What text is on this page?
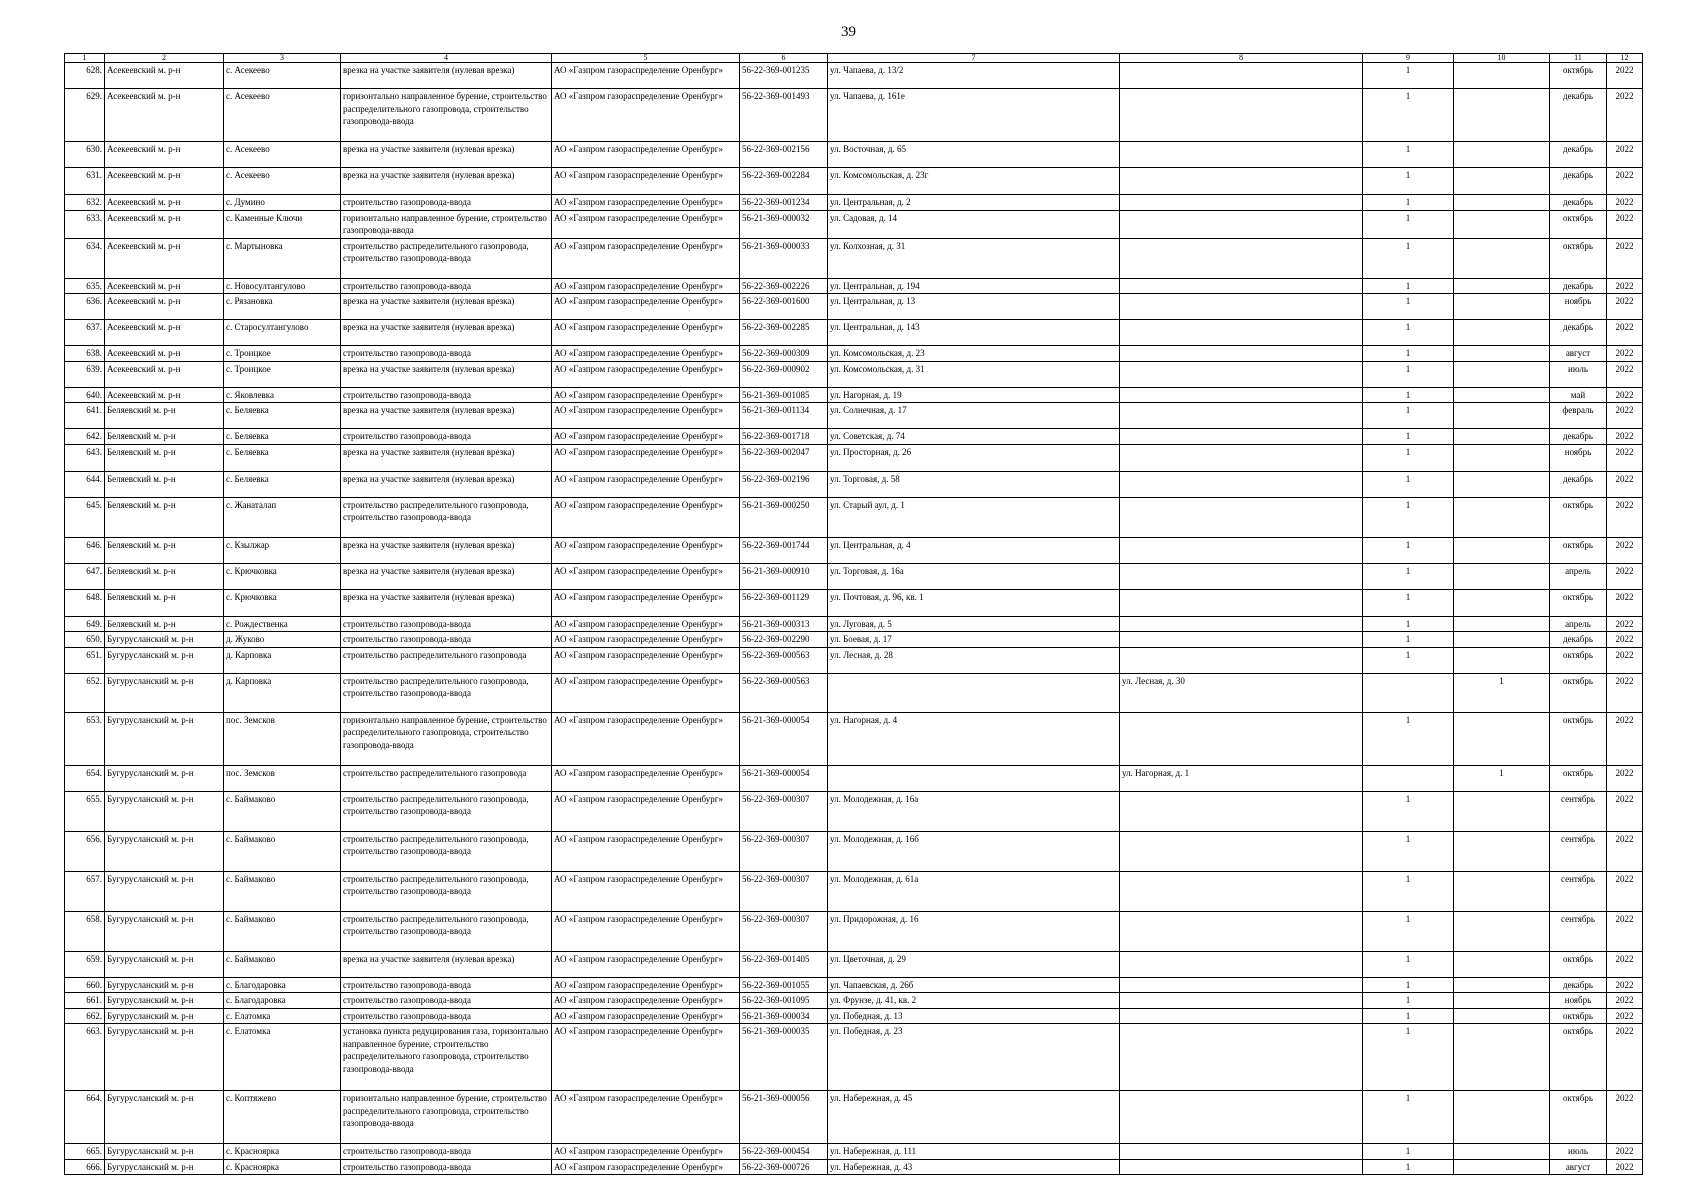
39
1	2	3	4	5	6	7	8	9	10	11	12
628.	Асекеевский м. р-н	с. Асекеево	врезка на участке заявителя (нулевая врезка)	АО «Газпром газораспределение Оренбург»	56-22-369-001235	ул. Чапаева, д. 13/2		1		октябрь	2022
629.	Асекеевский м. р-н	с. Асекеево	горизонтально направленное бурение, строительство распределительного газопровода, строительство газопровода-ввода	АО «Газпром газораспределение Оренбург»	56-22-369-001493	ул. Чапаева, д. 161е		1		декабрь	2022
630.	Асекеевский м. р-н	с. Асекеево	врезка на участке заявителя (нулевая врезка)	АО «Газпром газораспределение Оренбург»	56-22-369-002156	ул. Восточная, д. 65		1		декабрь	2022
631.	Асекеевский м. р-н	с. Асекеево	врезка на участке заявителя (нулевая врезка)	АО «Газпром газораспределение Оренбург»	56-22-369-002284	ул. Комсомольская, д. 23г		1		декабрь	2022
632.	Асекеевский м. р-н	с. Думино	строительство газопровода-ввода	АО «Газпром газораспределение Оренбург»	56-22-369-001234	ул. Центральная, д. 2		1		декабрь	2022
633.	Асекеевский м. р-н	с. Каменные Ключи	горизонтально направленное бурение, строительство газопровода-ввода	АО «Газпром газораспределение Оренбург»	56-21-369-000032	ул. Садовая, д. 14		1		октябрь	2022
634.	Асекеевский м. р-н	с. Мартыновка	строительство распределительного газопровода, строительство газопровода-ввода	АО «Газпром газораспределение Оренбург»	56-21-369-000033	ул. Колхозная, д. 31		1		октябрь	2022
635.	Асекеевский м. р-н	с. Новосултангулово	строительство газопровода-ввода	АО «Газпром газораспределение Оренбург»	56-22-369-002226	ул. Центральная, д. 194		1		декабрь	2022
636.	Асекеевский м. р-н	с. Рязановка	врезка на участке заявителя (нулевая врезка)	АО «Газпром газораспределение Оренбург»	56-22-369-001600	ул. Центральная, д. 13		1		ноябрь	2022
637.	Асекеевский м. р-н	с. Старосултангулово	врезка на участке заявителя (нулевая врезка)	АО «Газпром газораспределение Оренбург»	56-22-369-002285	ул. Центральная, д. 143		1		декабрь	2022
638.	Асекеевский м. р-н	с. Троицкое	строительство газопровода-ввода	АО «Газпром газораспределение Оренбург»	56-22-369-000309	ул. Комсомольская, д. 23		1		август	2022
639.	Асекеевский м. р-н	с. Троицкое	врезка на участке заявителя (нулевая врезка)	АО «Газпром газораспределение Оренбург»	56-22-369-000902	ул. Комсомольская, д. 31		1		июль	2022
640.	Асекеевский м. р-н	с. Яковлевка	строительство газопровода-ввода	АО «Газпром газораспределение Оренбург»	56-21-369-001085	ул. Нагорная, д. 19		1		май	2022
641.	Беляевский м. р-н	с. Беляевка	врезка на участке заявителя (нулевая врезка)	АО «Газпром газораспределение Оренбург»	56-21-369-001134	ул. Солнечная, д. 17		1		февраль	2022
642.	Беляевский м. р-н	с. Беляевка	строительство газопровода-ввода	АО «Газпром газораспределение Оренбург»	56-22-369-001718	ул. Советская, д. 74		1		декабрь	2022
643.	Беляевский м. р-н	с. Беляевка	врезка на участке заявителя (нулевая врезка)	АО «Газпром газораспределение Оренбург»	56-22-369-002047	ул. Просторная, д. 26		1		ноябрь	2022
644.	Беляевский м. р-н	с. Беляевка	врезка на участке заявителя (нулевая врезка)	АО «Газпром газораспределение Оренбург»	56-22-369-002196	ул. Торговая, д. 58		1		декабрь	2022
645.	Беляевский м. р-н	с. Жанаталап	строительство распределительного газопровода, строительство газопровода-ввода	АО «Газпром газораспределение Оренбург»	56-21-369-000250	ул. Старый аул, д. 1		1		октябрь	2022
646.	Беляевский м. р-н	с. Кзылжар	врезка на участке заявителя (нулевая врезка)	АО «Газпром газораспределение Оренбург»	56-22-369-001744	ул. Центральная, д. 4		1		октябрь	2022
647.	Беляевский м. р-н	с. Крючковка	врезка на участке заявителя (нулевая врезка)	АО «Газпром газораспределение Оренбург»	56-21-369-000910	ул. Торговая, д. 16а		1		апрель	2022
648.	Беляевский м. р-н	с. Крючковка	врезка на участке заявителя (нулевая врезка)	АО «Газпром газораспределение Оренбург»	56-22-369-001129	ул. Почтовая, д. 96, кв. 1		1		октябрь	2022
649.	Беляевский м. р-н	с. Рождественка	строительство газопровода-ввода	АО «Газпром газораспределение Оренбург»	56-21-369-000313	ул. Луговая, д. 5		1		апрель	2022
650.	Бугурусланский м. р-н	д. Жуково	строительство газопровода-ввода	АО «Газпром газораспределение Оренбург»	56-22-369-002290	ул. Боевая, д. 17		1		декабрь	2022
651.	Бугурусланский м. р-н	д. Карповка	строительство распределительного газопровода	АО «Газпром газораспределение Оренбург»	56-22-369-000563	ул. Лесная, д. 28		1		октябрь	2022
652.	Бугурусланский м. р-н	д. Карповка	строительство распределительного газопровода, строительство газопровода-ввода	АО «Газпром газораспределение Оренбург»	56-22-369-000563		ул. Лесная, д. 30		1	октябрь	2022
653.	Бугурусланский м. р-н	пос. Земсков	горизонтально направленное бурение, строительство распределительного газопровода, строительство газопровода-ввода	АО «Газпром газораспределение Оренбург»	56-21-369-000054	ул. Нагорная, д. 4		1		октябрь	2022
654.	Бугурусланский м. р-н	пос. Земсков	строительство распределительного газопровода	АО «Газпром газораспределение Оренбург»	56-21-369-000054		ул. Нагорная, д. 1		1	октябрь	2022
655.	Бугурусланский м. р-н	с. Баймаково	строительство распределительного газопровода, строительство газопровода-ввода	АО «Газпром газораспределение Оренбург»	56-22-369-000307	ул. Молодежная, д. 16а		1		сентябрь	2022
656.	Бугурусланский м. р-н	с. Баймаково	строительство распределительного газопровода, строительство газопровода-ввода	АО «Газпром газораспределение Оренбург»	56-22-369-000307	ул. Молодежная, д. 16б		1		сентябрь	2022
657.	Бугурусланский м. р-н	с. Баймаково	строительство распределительного газопровода, строительство газопровода-ввода	АО «Газпром газораспределение Оренбург»	56-22-369-000307	ул. Молодежная, д. 61а		1		сентябрь	2022
658.	Бугурусланский м. р-н	с. Баймаково	строительство распределительного газопровода, строительство газопровода-ввода	АО «Газпром газораспределение Оренбург»	56-22-369-000307	ул. Придорожная, д. 16		1		сентябрь	2022
659.	Бугурусланский м. р-н	с. Баймаково	врезка на участке заявителя (нулевая врезка)	АО «Газпром газораспределение Оренбург»	56-22-369-001405	ул. Цветочная, д. 29		1		октябрь	2022
660.	Бугурусланский м. р-н	с. Благодаровка	строительство газопровода-ввода	АО «Газпром газораспределение Оренбург»	56-22-369-001055	ул. Чапаевская, д. 26б		1		декабрь	2022
661.	Бугурусланский м. р-н	с. Благодаровка	строительство газопровода-ввода	АО «Газпром газораспределение Оренбург»	56-22-369-001095	ул. Фрунзе, д. 41, кв. 2		1		ноябрь	2022
662.	Бугурусланский м. р-н	с. Елатомка	строительство газопровода-ввода	АО «Газпром газораспределение Оренбург»	56-21-369-000034	ул. Победная, д. 13		1		октябрь	2022
663.	Бугурусланский м. р-н	с. Елатомка	установка пункта редуцирования газа, горизонтально направленное бурение, строительство распределительного газопровода, строительство газопровода-ввода	АО «Газпром газораспределение Оренбург»	56-21-369-000035	ул. Победная, д. 23		1		октябрь	2022
664.	Бугурусланский м. р-н	с. Коптяжево	горизонтально направленное бурение, строительство распределительного газопровода, строительство газопровода-ввода	АО «Газпром газораспределение Оренбург»	56-21-369-000056	ул. Набережная, д. 45		1		октябрь	2022
665.	Бугурусланский м. р-н	с. Краснояркa	строительство газопровода-ввода	АО «Газпром газораспределение Оренбург»	56-22-369-000454	ул. Набережная, д. 111		1		июль	2022
666.	Бугурусланский м. р-н	с. Красноярка	строительство газопровода-ввода	АО «Газпром газораспределение Оренбург»	56-22-369-000726	ул. Набережная, д. 43		1		август	2022
